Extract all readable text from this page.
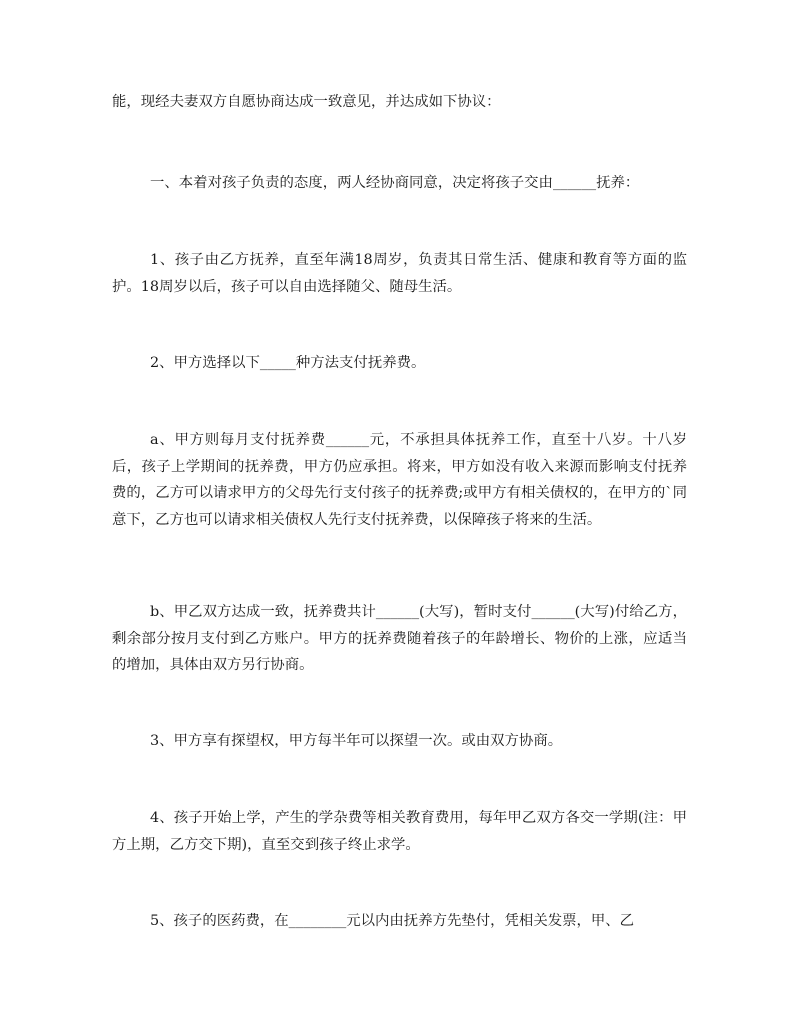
能，现经夫妻双方自愿协商达成一致意见，并达成如下协议：

一、本着对孩子负责的态度，两人经协商同意，决定将孩子交由______抚养：

1、孩子由乙方抚养，直至年满18周岁，负责其日常生活、健康和教育等方面的监护。18周岁以后，孩子可以自由选择随父、随母生活。

2、甲方选择以下_____种方法支付抚养费。

a、甲方则每月支付抚养费______元，不承担具体抚养工作，直至十八岁。十八岁后，孩子上学期间的抚养费，甲方仍应承担。将来，甲方如没有收入来源而影响支付抚养费的，乙方可以请求甲方的父母先行支付孩子的抚养费;或甲方有相关债权的，在甲方的`同意下，乙方也可以请求相关债权人先行支付抚养费，以保障孩子将来的生活。

b、甲乙双方达成一致，抚养费共计______(大写)，暂时支付______(大写)付给乙方，剩余部分按月支付到乙方账户。甲方的抚养费随着孩子的年龄增长、物价的上涨，应适当的增加，具体由双方另行协商。

3、甲方享有探望权，甲方每半年可以探望一次。或由双方协商。

4、孩子开始上学，产生的学杂费等相关教育费用，每年甲乙双方各交一学期(注：甲方上期，乙方交下期)，直至交到孩子终止求学。

5、孩子的医药费，在________元以内由抚养方先垫付，凭相关发票，甲、乙
